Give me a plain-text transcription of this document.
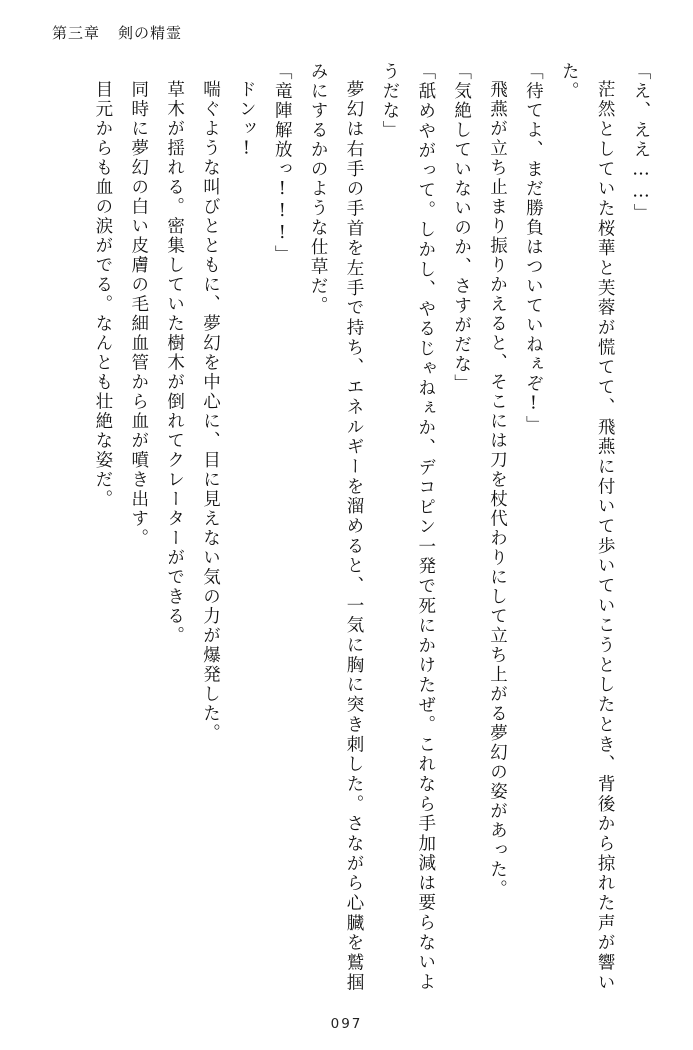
第三章 剣の精霊

「え、ええ……」

茫然としていた桜華と芙蓉が慌てて、飛燕に付いて歩いていこうとしたとき、背後から掠れた声が響いた。

「待てよ、まだ勝負はついていねぇぞ!」

飛燕が立ち止まり振りかえると、そこには刀を杖代わりにして立ち上がる夢幻の姿があった。

「気絶していないのか、さすがだな」

「舐めやがって。しかし、やるじゃねぇか、デコピン一発で死にかけたぜ。これなら手加減は要らないようだな」

夢幻は右手の手首を左手で持ち、エネルギーを溜めると、一気に胸に突き刺した。さながら心臓を鷲掴みにするかのような仕草だ。

「竜陣解放っ!!!」

ドンッ!

喘ぐような叫びとともに、夢幻を中心に、目に見えない気の力が爆発した。

草木が揺れる。密集していた樹木が倒れてクレーターができる。

同時に夢幻の白い皮膚の毛細血管から血が噴き出す。

目元からも血の涙がでる。なんとも壮絶な姿だ。

097
